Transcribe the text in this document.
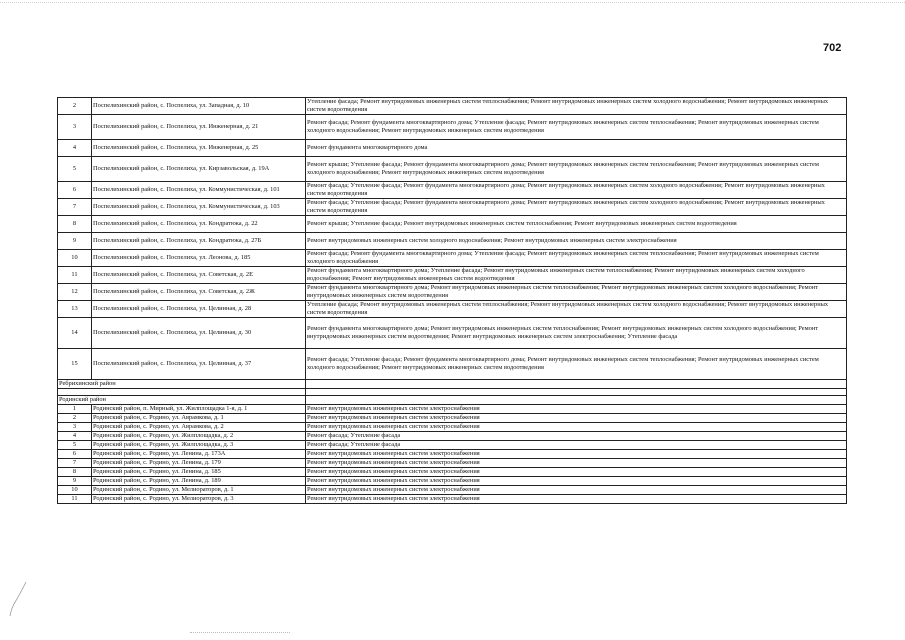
702
2	Поспелихинский район, с. Поспелиха, ул. Западная, д. 10	Утепление фасада; Ремонт внутридомовых инженерных систем теплоснабжения; Ремонт внутридомовых инженерных систем холодного водоснабжения; Ремонт внутридомовых инженерных систем водоотведения
3	Поспелихинский район, с. Поспелиха, ул. Инженерная, д. 21	Ремонт фасада; Ремонт фундамента многоквартирного дома; Утепление фасада; Ремонт внутридомовых инженерных систем теплоснабжения; Ремонт внутридомовых инженерных систем холодного водоснабжения; Ремонт внутридомовых инженерных систем водоотведения
4	Поспелихинский район, с. Поспелиха, ул. Инженерная, д. 25	Ремонт фундамента многоквартирного дома
5	Поспелихинский район, с. Поспелиха, ул. Кирзавольская, д. 19А	Ремонт крыши; Утепление фасада; Ремонт фундамента многоквартирного дома; Ремонт внутридомовых инженерных систем теплоснабжения; Ремонт внутридомовых инженерных систем холодного водоснабжения; Ремонт внутридомовых инженерных систем водоотведения
6	Поспелихинский район, с. Поспелиха, ул. Коммунистическая, д. 101	Ремонт фасада; Утепление фасада; Ремонт фундамента многоквартирного дома; Ремонт внутридомовых инженерных систем холодного водоснабжения; Ремонт внутридомовых инженерных систем водоотведения
7	Поспелихинский район, с. Поспелиха, ул. Коммунистическая, д. 103	Ремонт фасада; Утепление фасада; Ремонт фундамента многоквартирного дома; Ремонт внутридомовых инженерных систем холодного водоснабжения; Ремонт внутридомовых инженерных систем водоотведения
8	Поспелихинский район, с. Поспелиха, ул. Кондратюка, д. 22	Ремонт крыши; Утепление фасада; Ремонт внутридомовых инженерных систем теплоснабжения; Ремонт внутридомовых инженерных систем водоотведения
9	Поспелихинский район, с. Поспелиха, ул. Кондратюка, д. 27Б	Ремонт внутридомовых инженерных систем холодного водоснабжения; Ремонт внутридомовых инженерных систем электроснабжения
10	Поспелихинский район, с. Поспелиха, ул. Леонова, д. 185	Ремонт фасада; Ремонт фундамента многоквартирного дома; Утепление фасада; Ремонт внутридомовых инженерных систем теплоснабжения; Ремонт внутридомовых инженерных систем холодного водоснабжения
11	Поспелихинский район, с. Поспелиха, ул. Советская, д. 2Е	Ремонт фундамента многоквартирного дома; Утепление фасада; Ремонт внутридомовых инженерных систем теплоснабжения; Ремонт внутридомовых инженерных систем холодного водоснабжения; Ремонт внутридомовых инженерных систем водоотведения
12	Поспелихинский район, с. Поспелиха, ул. Советская, д. 2Ж	Ремонт фундамента многоквартирного дома; Ремонт внутридомовых инженерных систем теплоснабжения; Ремонт внутридомовых инженерных систем холодного водоснабжения; Ремонт внутридомовых инженерных систем водоотведения
13	Поспелихинский район, с. Поспелиха, ул. Целинная, д. 28	Утепление фасада; Ремонт внутридомовых инженерных систем теплоснабжения; Ремонт внутридомовых инженерных систем холодного водоснабжения; Ремонт внутридомовых инженерных систем водоотведения
14	Поспелихинский район, с. Поспелиха, ул. Целинная, д. 30	Ремонт фундамента многоквартирного дома; Ремонт внутридомовых инженерных систем теплоснабжения; Ремонт внутридомовых инженерных систем холодного водоснабжения; Ремонт внутридомовых инженерных систем водоотведения; Ремонт внутридомовых инженерных систем электроснабжения; Утепление фасада
15	Поспелихинский район, с. Поспелиха, ул. Целинная, д. 37	Ремонт фасада; Утепление фасада; Ремонт фундамента многоквартирного дома; Ремонт внутридомовых инженерных систем теплоснабжения; Ремонт внутридомовых инженерных систем холодного водоснабжения; Ремонт внутридомовых инженерных систем водоотведения
Ребрихинский район		

Родинский район		
1	Родинский район, п. Мирный, ул. Жилплощадка 1-я, д. 1	Ремонт внутридомовых инженерных систем электроснабжения
2	Родинский район, с. Родино, ул. Аврамкова, д. 1	Ремонт внутридомовых инженерных систем электроснабжения
3	Родинский район, с. Родино, ул. Аврамкова, д. 2	Ремонт внутридомовых инженерных систем электроснабжения
4	Родинский район, с. Родино, ул. Жилплощадка, д. 2	Ремонт фасада; Утепление фасада
5	Родинский район, с. Родино, ул. Жилплощадка, д. 3	Ремонт фасада; Утепление фасада
6	Родинский район, с. Родино, ул. Ленина, д. 173А	Ремонт внутридомовых инженерных систем электроснабжения
7	Родинский район, с. Родино, ул. Ленина, д. 179	Ремонт внутридомовых инженерных систем электроснабжения
8	Родинский район, с. Родино, ул. Ленина, д. 185	Ремонт внутридомовых инженерных систем электроснабжения
9	Родинский район, с. Родино, ул. Ленина, д. 189	Ремонт внутридомовых инженерных систем электроснабжения
10	Родинский район, с. Родино, ул. Мелиораторов, д. 1	Ремонт внутридомовых инженерных систем электроснабжения
11	Родинский район, с. Родино, ул. Мелиораторов, д. 3	Ремонт внутридомовых инженерных систем электроснабжения
